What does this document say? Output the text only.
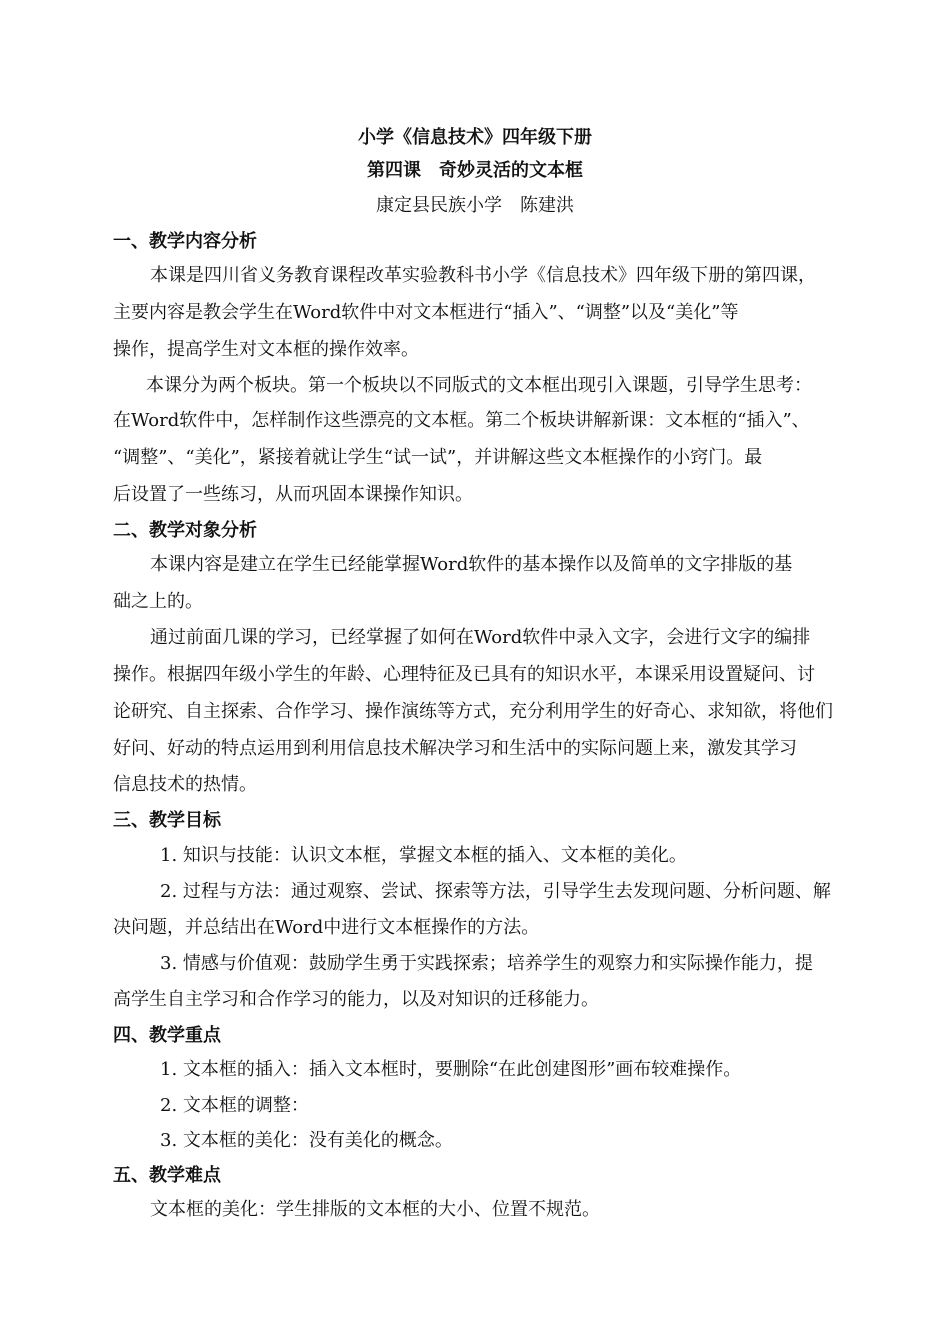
小学《信息技术》四年级下册
第四课　奇妙灵活的文本框
康定县民族小学　陈建洪
一、教学内容分析
本课是四川省义务教育课程改革实验教科书小学《信息技术》四年级下册的第四课，
主要内容是教会学生在Word软件中对文本框进行“插入”、“调整”以及“美化”等
操作，提高学生对文本框的操作效率。
本课分为两个板块。第一个板块以不同版式的文本框出现引入课题，引导学生思考：
在Word软件中，怎样制作这些漂亮的文本框。第二个板块讲解新课：文本框的“插入”、
“调整”、“美化”，紧接着就让学生“试一试”，并讲解这些文本框操作的小窍门。最
后设置了一些练习，从而巩固本课操作知识。
二、教学对象分析
本课内容是建立在学生已经能掌握Word软件的基本操作以及简单的文字排版的基
础之上的。
通过前面几课的学习，已经掌握了如何在Word软件中录入文字，会进行文字的编排
操作。根据四年级小学生的年龄、心理特征及已具有的知识水平，本课采用设置疑问、讨
论研究、自主探索、合作学习、操作演练等方式，充分利用学生的好奇心、求知欲，将他们
好问、好动的特点运用到利用信息技术解决学习和生活中的实际问题上来，激发其学习
信息技术的热情。
三、教学目标
1. 知识与技能：认识文本框，掌握文本框的插入、文本框的美化。
2. 过程与方法：通过观察、尝试、探索等方法，引导学生去发现问题、分析问题、解
决问题，并总结出在Word中进行文本框操作的方法。
3. 情感与价值观：鼓励学生勇于实践探索；培养学生的观察力和实际操作能力，提
高学生自主学习和合作学习的能力，以及对知识的迁移能力。
四、教学重点
1. 文本框的插入：插入文本框时，要删除“在此创建图形”画布较难操作。
2. 文本框的调整：
3. 文本框的美化：没有美化的概念。
五、教学难点
文本框的美化：学生排版的文本框的大小、位置不规范。
